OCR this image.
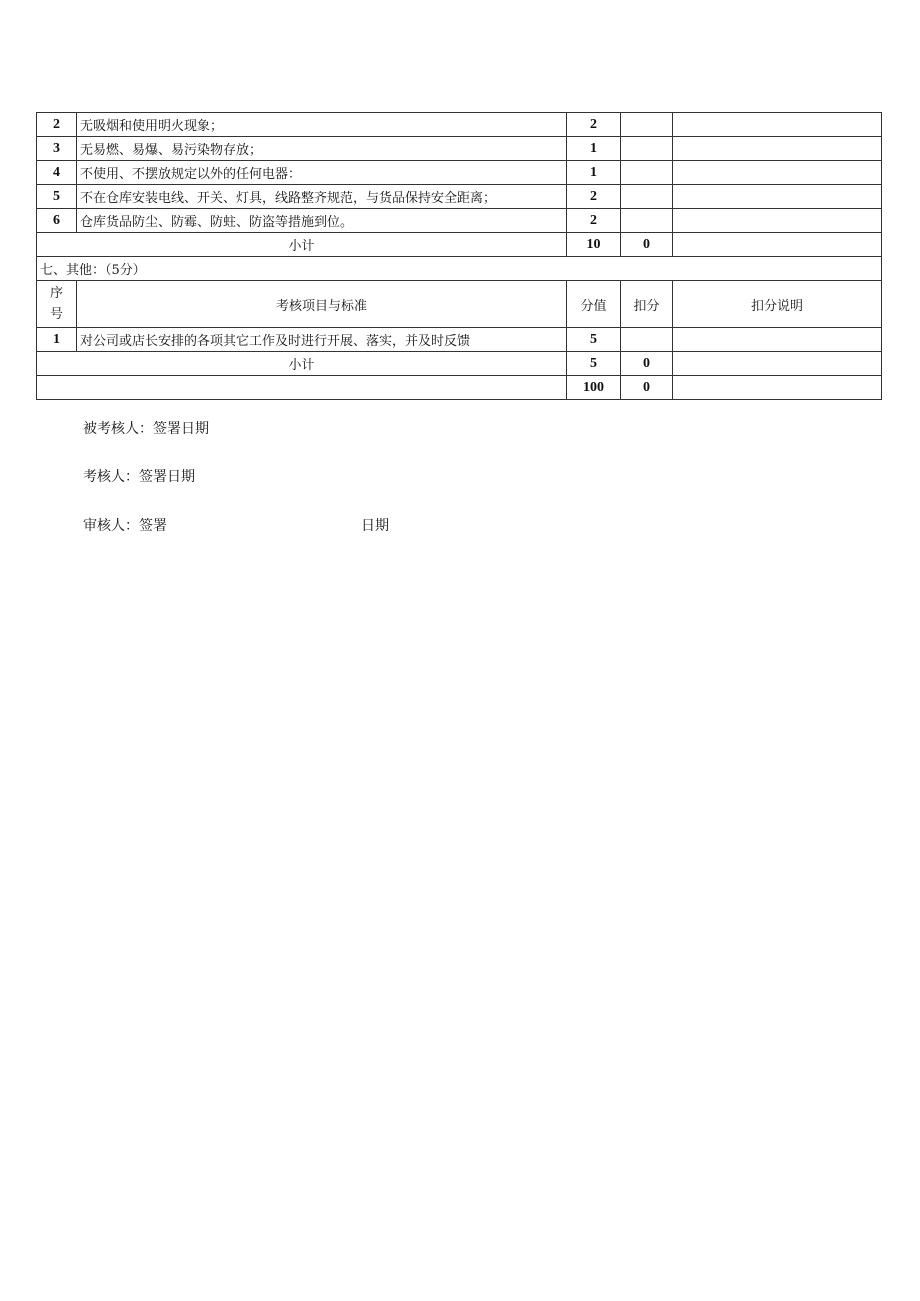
2	无吸烟和使用明火现象；	2		
3	无易燃、易爆、易污染物存放；	1		
4	不使用、不摆放规定以外的任何电器：	1		
5	不在仓库安装电线、开关、灯具，线路整齐规范，与货品保持安全距离；	2		
6	仓库货品防尘、防霉、防蛀、防盗等措施到位。	2		
小计		10	0	
七、其他：（5分）				
序
号	考核项目与标准	分值	扣分	扣分说明
1	对公司或店长安排的各项其它工作及时进行开展、落实，并及时反馈	5		
小计		5	0	
		100	0	
被考核人：签署日期
考核人：签署日期
审核人：签署	日期
